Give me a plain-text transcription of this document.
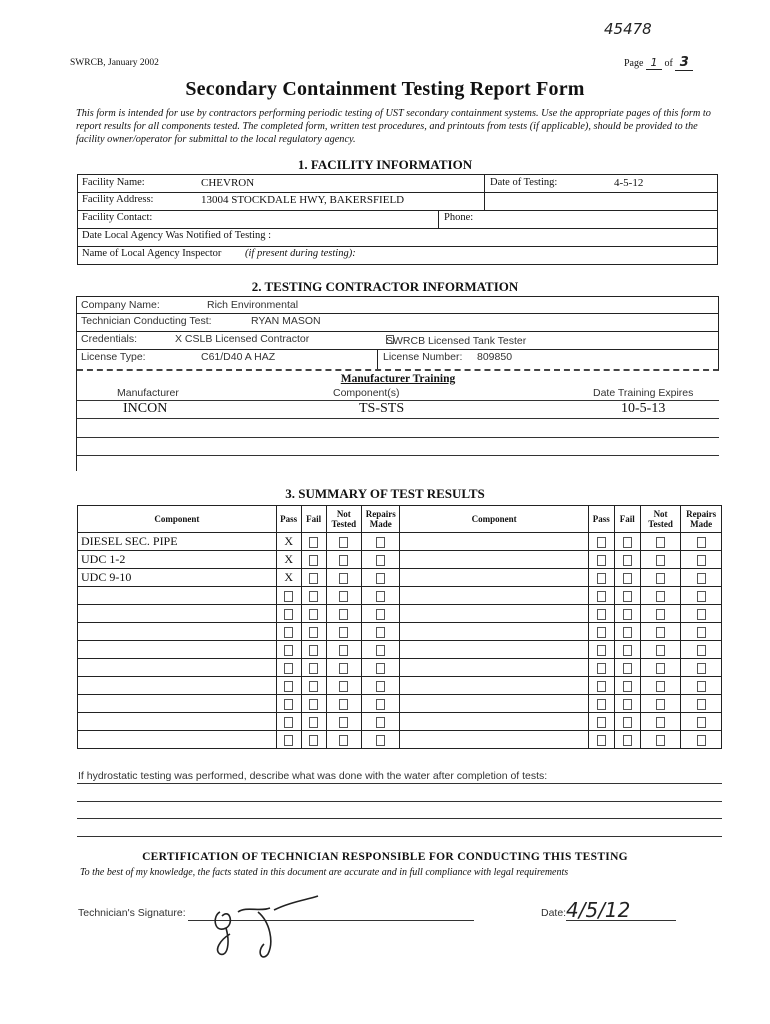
45478
SWRCB, January 2002	Page 1 of 3
Secondary Containment Testing Report Form
This form is intended for use by contractors performing periodic testing of UST secondary containment systems. Use the appropriate pages of this form to report results for all components tested. The completed form, written test procedures, and printouts from tests (if applicable), should be provided to the facility owner/operator for submittal to the local regulatory agency.
1. FACILITY INFORMATION
Facility Name:	CHEVRON	Date of Testing:	4-5-12
Facility Address:	13004 STOCKDALE HWY, BAKERSFIELD
Facility Contact:	Phone:
Date Local Agency Was Notified of Testing :
Name of Local Agency Inspector (if present during testing):
2. TESTING CONTRACTOR INFORMATION
Company Name:	Rich Environmental
Technician Conducting Test:	RYAN MASON
Credentials:	X CSLB Licensed Contractor	SWRCB Licensed Tank Tester
License Type:	C61/D40 A HAZ	License Number: 809850
Manufacturer Training
Manufacturer	Component(s)	Date Training Expires
INCON	TS-STS	10-5-13
3. SUMMARY OF TEST RESULTS
Component	Pass	Fail	Not Tested	Repairs Made	Component	Pass	Fail	Not Tested	Repairs Made
DIESEL SEC. PIPE	X								
UDC 1-2	X								
UDC 9-10	X								

If hydrostatic testing was performed, describe what was done with the water after completion of tests:
CERTIFICATION OF TECHNICIAN RESPONSIBLE FOR CONDUCTING THIS TESTING
To the best of my knowledge, the facts stated in this document are accurate and in full compliance with legal requirements
Technician's Signature:	Date: 4/5/12
